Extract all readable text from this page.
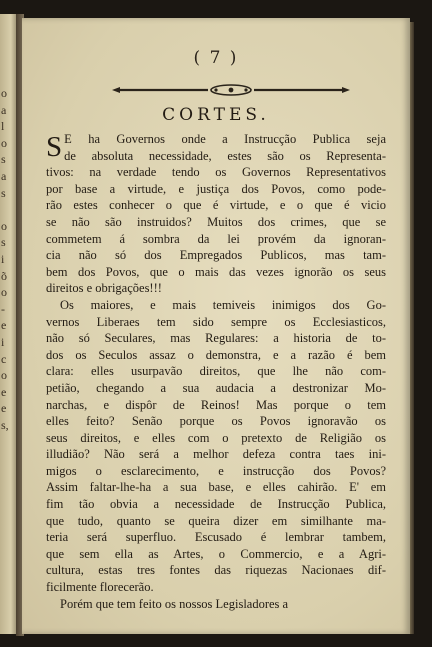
o
a
l
o
s
a
s
o
s
i
õ
o
-
e
i
c
o
e
e
s,
( 7 )
CORTES.
S E ha Governos onde a Instrucção Publica seja
de absoluta necessidade, estes são os Representa-
tivos: na verdade tendo os Governos Representativos
por base a virtude, e justiça dos Povos, como pode-
rão estes conhecer o que é virtude, e o que é vicio
se não são instruidos? Muitos dos crimes, que se
commetem á sombra da lei provém da ignoran-
cia não só dos Empregados Publicos, mas tam-
bem dos Povos, que o mais das vezes ignorão os seus
direitos e obrigações!!!
Os maiores, e mais temiveis inimigos dos Go-
vernos Liberaes tem sido sempre os Ecclesiasticos,
não só Seculares, mas Regulares: a historia de to-
dos os Seculos assaz o demonstra, e a razão é bem
clara: elles usurpavão direitos, que lhe não com-
petião, chegando a sua audacia a destronizar Mo-
narchas, e dispôr de Reinos! Mas porque o tem
elles feito? Senão porque os Povos ignoravão os
seus direitos, e elles com o pretexto de Religião os
illudião? Não será a melhor defeza contra taes ini-
migos o esclarecimento, e instrucção dos Povos?
Assim faltar-lhe-ha a sua base, e elles cahirão. E' em
fim tão obvia a necessidade de Instrucção Publica,
que tudo, quanto se queira dizer em similhante ma-
teria será superfluo. Escusado é lembrar tambem,
que sem ella as Artes, o Commercio, e a Agri-
cultura, estas tres fontes das riquezas Nacionaes dif-
ficilmente florecerão.
Porém que tem feito os nossos Legisladores a
